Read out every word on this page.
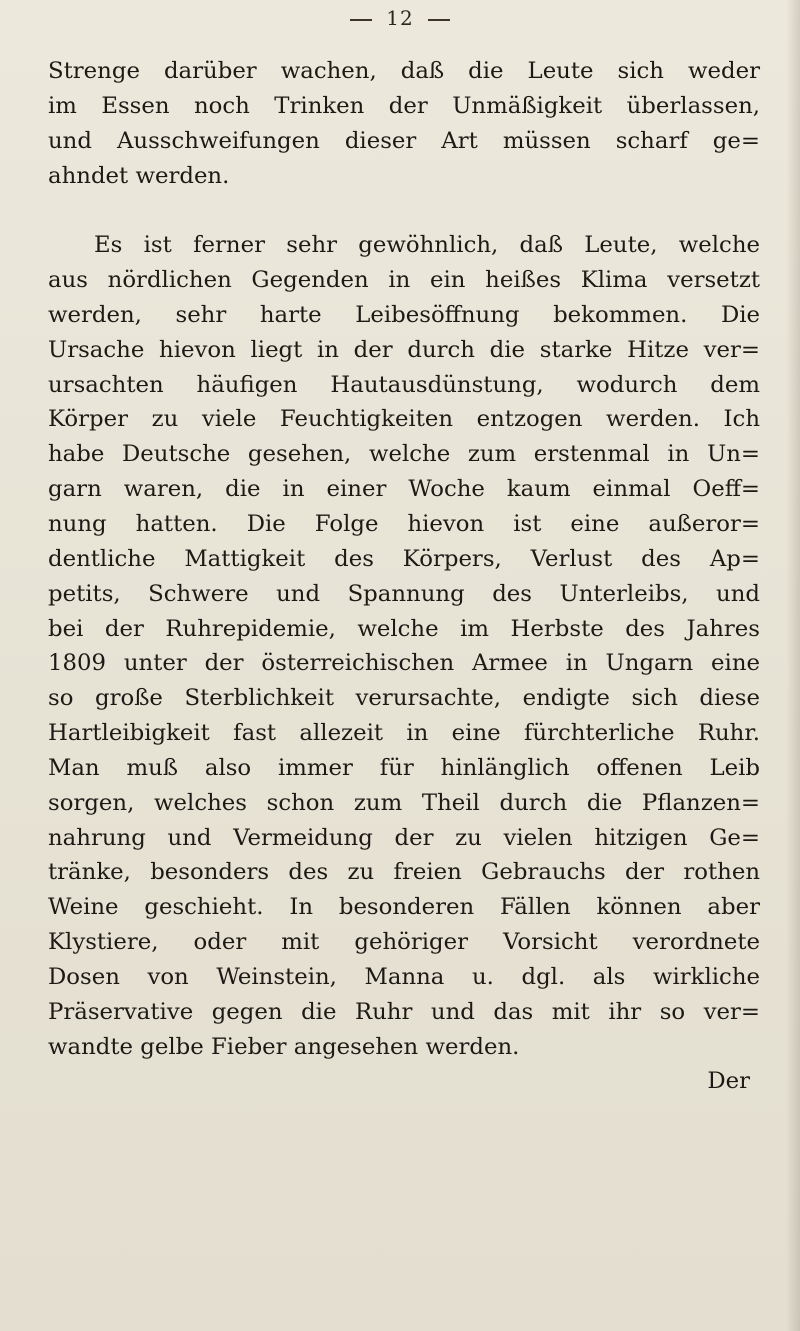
12
Strenge darüber wachen, daß die Leute sich weder
im Essen noch Trinken der Unmäßigkeit überlassen,
und Ausschweifungen dieser Art müssen scharf ge=
ahndet werden.
Es ist ferner sehr gewöhnlich, daß Leute, welche
aus nördlichen Gegenden in ein heißes Klima versetzt
werden, sehr harte Leibesöffnung bekommen. Die
Ursache hievon liegt in der durch die starke Hitze ver=
ursachten häufigen Hautausdünstung, wodurch dem
Körper zu viele Feuchtigkeiten entzogen werden. Ich
habe Deutsche gesehen, welche zum erstenmal in Un=
garn waren, die in einer Woche kaum einmal Oeff=
nung hatten. Die Folge hievon ist eine außeror=
dentliche Mattigkeit des Körpers, Verlust des Ap=
petits, Schwere und Spannung des Unterleibs, und
bei der Ruhrepidemie, welche im Herbste des Jahres
1809 unter der österreichischen Armee in Ungarn eine
so große Sterblichkeit verursachte, endigte sich diese
Hartleibigkeit fast allezeit in eine fürchterliche Ruhr.
Man muß also immer für hinlänglich offenen Leib
sorgen, welches schon zum Theil durch die Pflanzen=
nahrung und Vermeidung der zu vielen hitzigen Ge=
tränke, besonders des zu freien Gebrauchs der rothen
Weine geschieht. In besonderen Fällen können aber
Klystiere, oder mit gehöriger Vorsicht verordnete
Dosen von Weinstein, Manna u. dgl. als wirkliche
Präservative gegen die Ruhr und das mit ihr so ver=
wandte gelbe Fieber angesehen werden.
Der
